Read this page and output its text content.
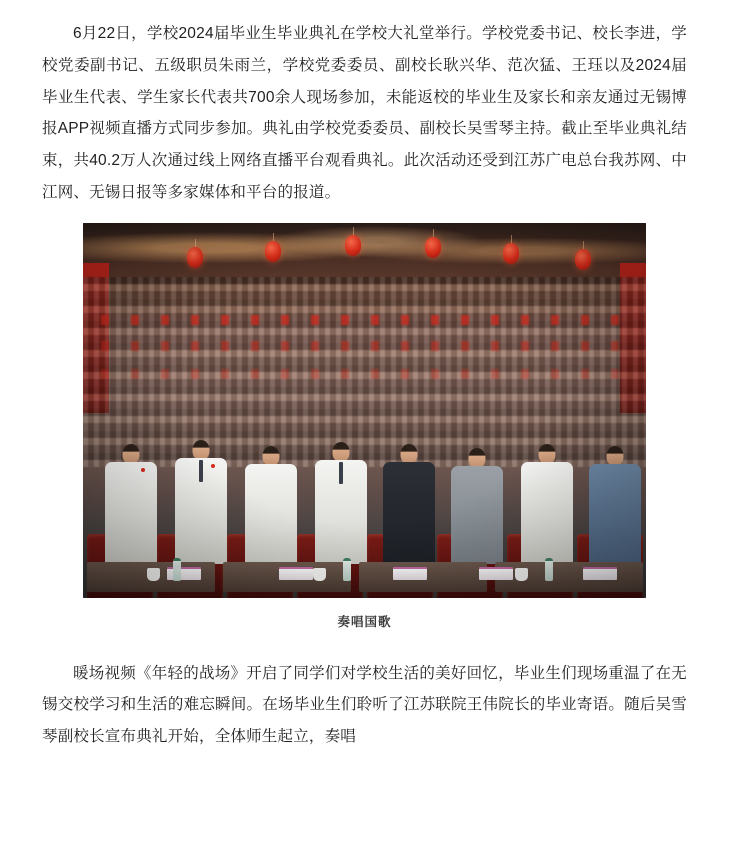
6月22日，学校2024届毕业生毕业典礼在学校大礼堂举行。学校党委书记、校长李进，学校党委副书记、五级职员朱雨兰，学校党委委员、副校长耿兴华、范次猛、王珏以及2024届毕业生代表、学生家长代表共700余人现场参加，未能返校的毕业生及家长和亲友通过无锡博报APP视频直播方式同步参加。典礼由学校党委委员、副校长吴雪琴主持。截止至毕业典礼结束，共40.2万人次通过线上网络直播平台观看典礼。此次活动还受到江苏广电总台我苏网、中江网、无锡日报等多家媒体和平台的报道。

奏唱国歌

暖场视频《年轻的战场》开启了同学们对学校生活的美好回忆，毕业生们现场重温了在无锡交校学习和生活的难忘瞬间。在场毕业生们聆听了江苏联院王伟院长的毕业寄语。随后吴雪琴副校长宣布典礼开始，全体师生起立，奏唱
